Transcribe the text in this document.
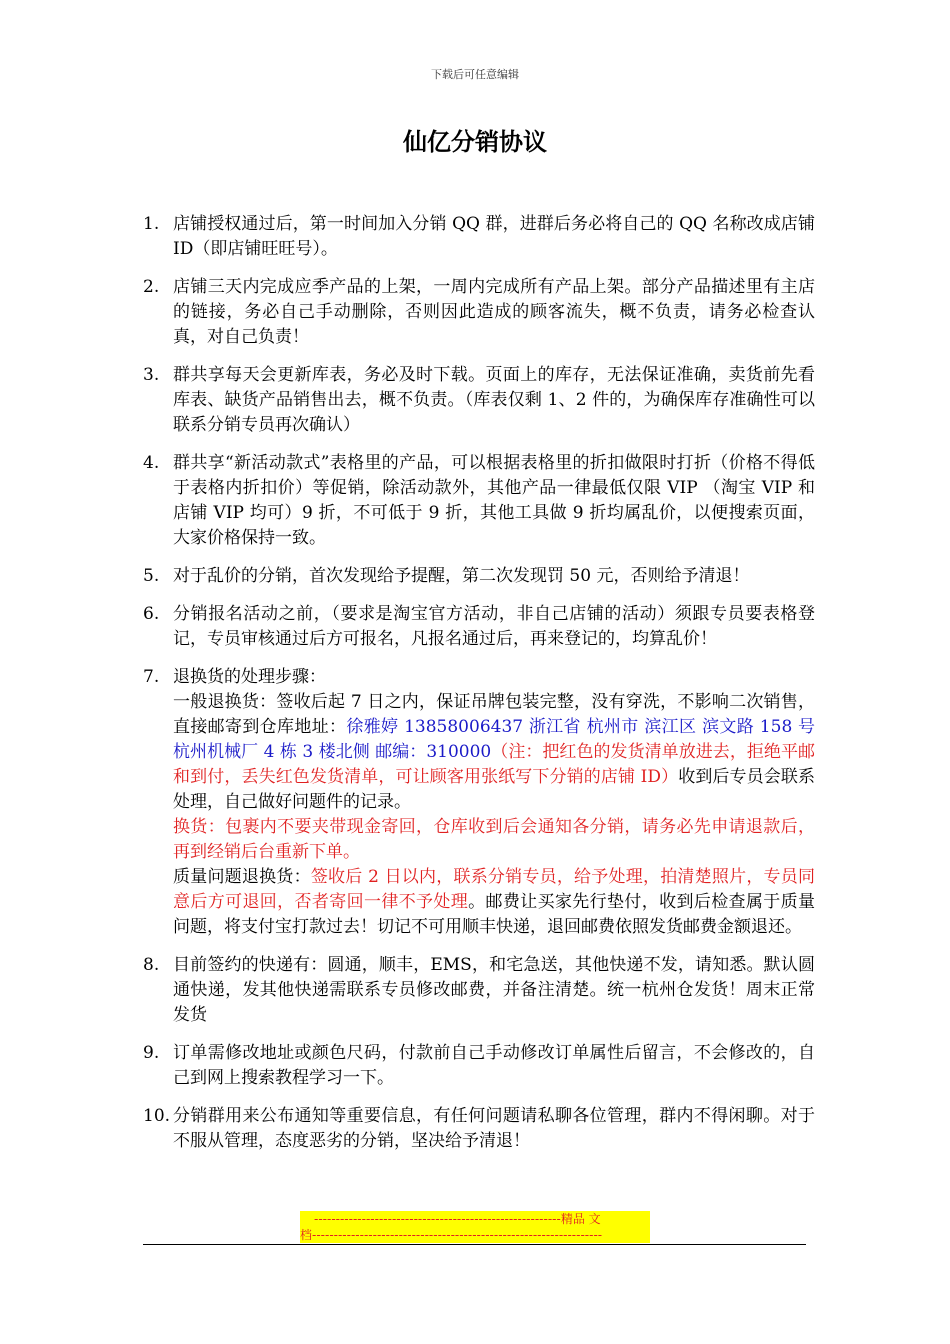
下载后可任意编辑
仙亿分销协议
1. 店铺授权通过后，第一时间加入分销 QQ 群，进群后务必将自己的 QQ 名称改成店铺 ID（即店铺旺旺号）。
2. 店铺三天内完成应季产品的上架，一周内完成所有产品上架。部分产品描述里有主店的链接，务必自己手动删除，否则因此造成的顾客流失，概不负责，请务必检查认真，对自己负责！
3. 群共享每天会更新库表，务必及时下载。页面上的库存，无法保证准确，卖货前先看库表、缺货产品销售出去，概不负责。（库表仅剩 1、2 件的，为确保库存准确性可以联系分销专员再次确认）
4. 群共享“新活动款式”表格里的产品，可以根据表格里的折扣做限时打折（价格不得低于表格内折扣价）等促销，除活动款外，其他产品一律最低仅限 VIP （淘宝 VIP 和店铺 VIP 均可）9 折，不可低于 9 折，其他工具做 9 折均属乱价，以便搜索页面，大家价格保持一致。
5. 对于乱价的分销，首次发现给予提醒，第二次发现罚 50 元，否则给予清退！
6. 分销报名活动之前，（要求是淘宝官方活动，非自己店铺的活动）须跟专员要表格登记，专员审核通过后方可报名，凡报名通过后，再来登记的，均算乱价！
7. 退换货的处理步骤：
一般退换货：签收后起 7 日之内，保证吊牌包装完整，没有穿洗，不影响二次销售，直接邮寄到仓库地址：徐雅婷 13858006437 浙江省 杭州市 滨江区 滨文路 158 号杭州机械厂 4 栋 3 楼北侧 邮编：310000（注：把红色的发货清单放进去，拒绝平邮和到付，丢失红色发货清单，可让顾客用张纸写下分销的店铺 ID）收到后专员会联系处理，自己做好问题件的记录。
换货：包裹内不要夹带现金寄回，仓库收到后会通知各分销，请务必先申请退款后，再到经销后台重新下单。
质量问题退换货：签收后 2 日以内，联系分销专员，给予处理，拍清楚照片，专员同意后方可退回，否者寄回一律不予处理。邮费让买家先行垫付，收到后检查属于质量问题，将支付宝打款过去！切记不可用顺丰快递，退回邮费依照发货邮费金额退还。
8. 目前签约的快递有：圆通，顺丰，EMS，和宅急送，其他快递不发，请知悉。默认圆通快递，发其他快递需联系专员修改邮费，并备注清楚。统一杭州仓发货！周末正常发货
9. 订单需修改地址或颜色尺码，付款前自己手动修改订单属性后留言，不会修改的，自己到网上搜索教程学习一下。
10. 分销群用来公布通知等重要信息，有任何问题请私聊各位管理，群内不得闲聊。对于不服从管理，态度恶劣的分销，坚决给予清退！
---------------------------------------------------------精品 文
档-------------------------------------------------------------------
